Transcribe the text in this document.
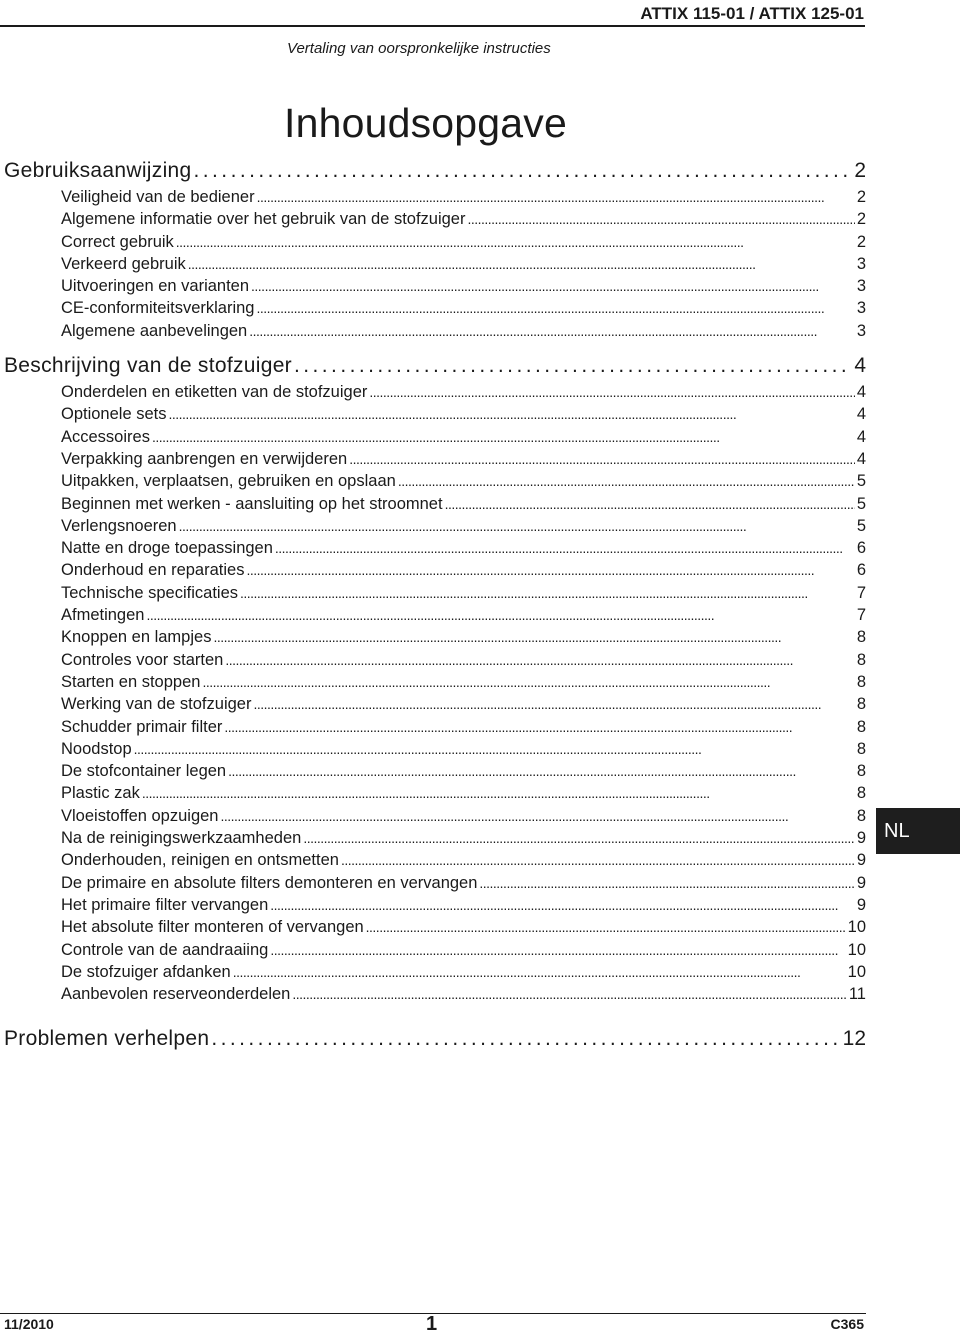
ATTIX 115-01 / ATTIX 125-01
Vertaling van oorspronkelijke instructies
Inhoudsopgave
Gebruiksaanwijzing . . .	2
Veiligheid van de bediener . . .	2
Algemene informatie over het gebruik van de stofzuiger . . .	2
Correct gebruik . . .	2
Verkeerd gebruik . . .	3
Uitvoeringen en varianten . . .	3
CE-conformiteitsverklaring . . .	3
Algemene aanbevelingen . . .	3
Beschrijving van de stofzuiger . . .	4
Onderdelen en etiketten van de stofzuiger . . .	4
Optionele sets . . .	4
Accessoires . . .	4
Verpakking aanbrengen en verwijderen . . .	4
Uitpakken, verplaatsen, gebruiken en opslaan . . .	5
Beginnen met werken - aansluiting op het stroomnet . . .	5
Verlengsnoeren . . .	5
Natte en droge toepassingen . . .	6
Onderhoud en reparaties . . .	6
Technische specificaties . . .	7
Afmetingen . . .	7
Knoppen en lampjes . . .	8
Controles voor starten . . .	8
Starten en stoppen . . .	8
Werking van de stofzuiger . . .	8
Schudder primair filter . . .	8
Noodstop . . .	8
De stofcontainer legen . . .	8
Plastic zak . . .	8
Vloeistoffen opzuigen . . .	8
Na de reinigingswerkzaamheden . . .	9
Onderhouden, reinigen en ontsmetten . . .	9
De primaire en absolute filters demonteren en vervangen . . .	9
Het primaire filter vervangen . . .	9
Het absolute filter monteren of vervangen . . .	10
Controle van de aandraaiing . . .	10
De stofzuiger afdanken . . .	10
Aanbevolen reserveonderdelen . . .	11
Problemen verhelpen . . .	12
NL
11/2010	1	C365
